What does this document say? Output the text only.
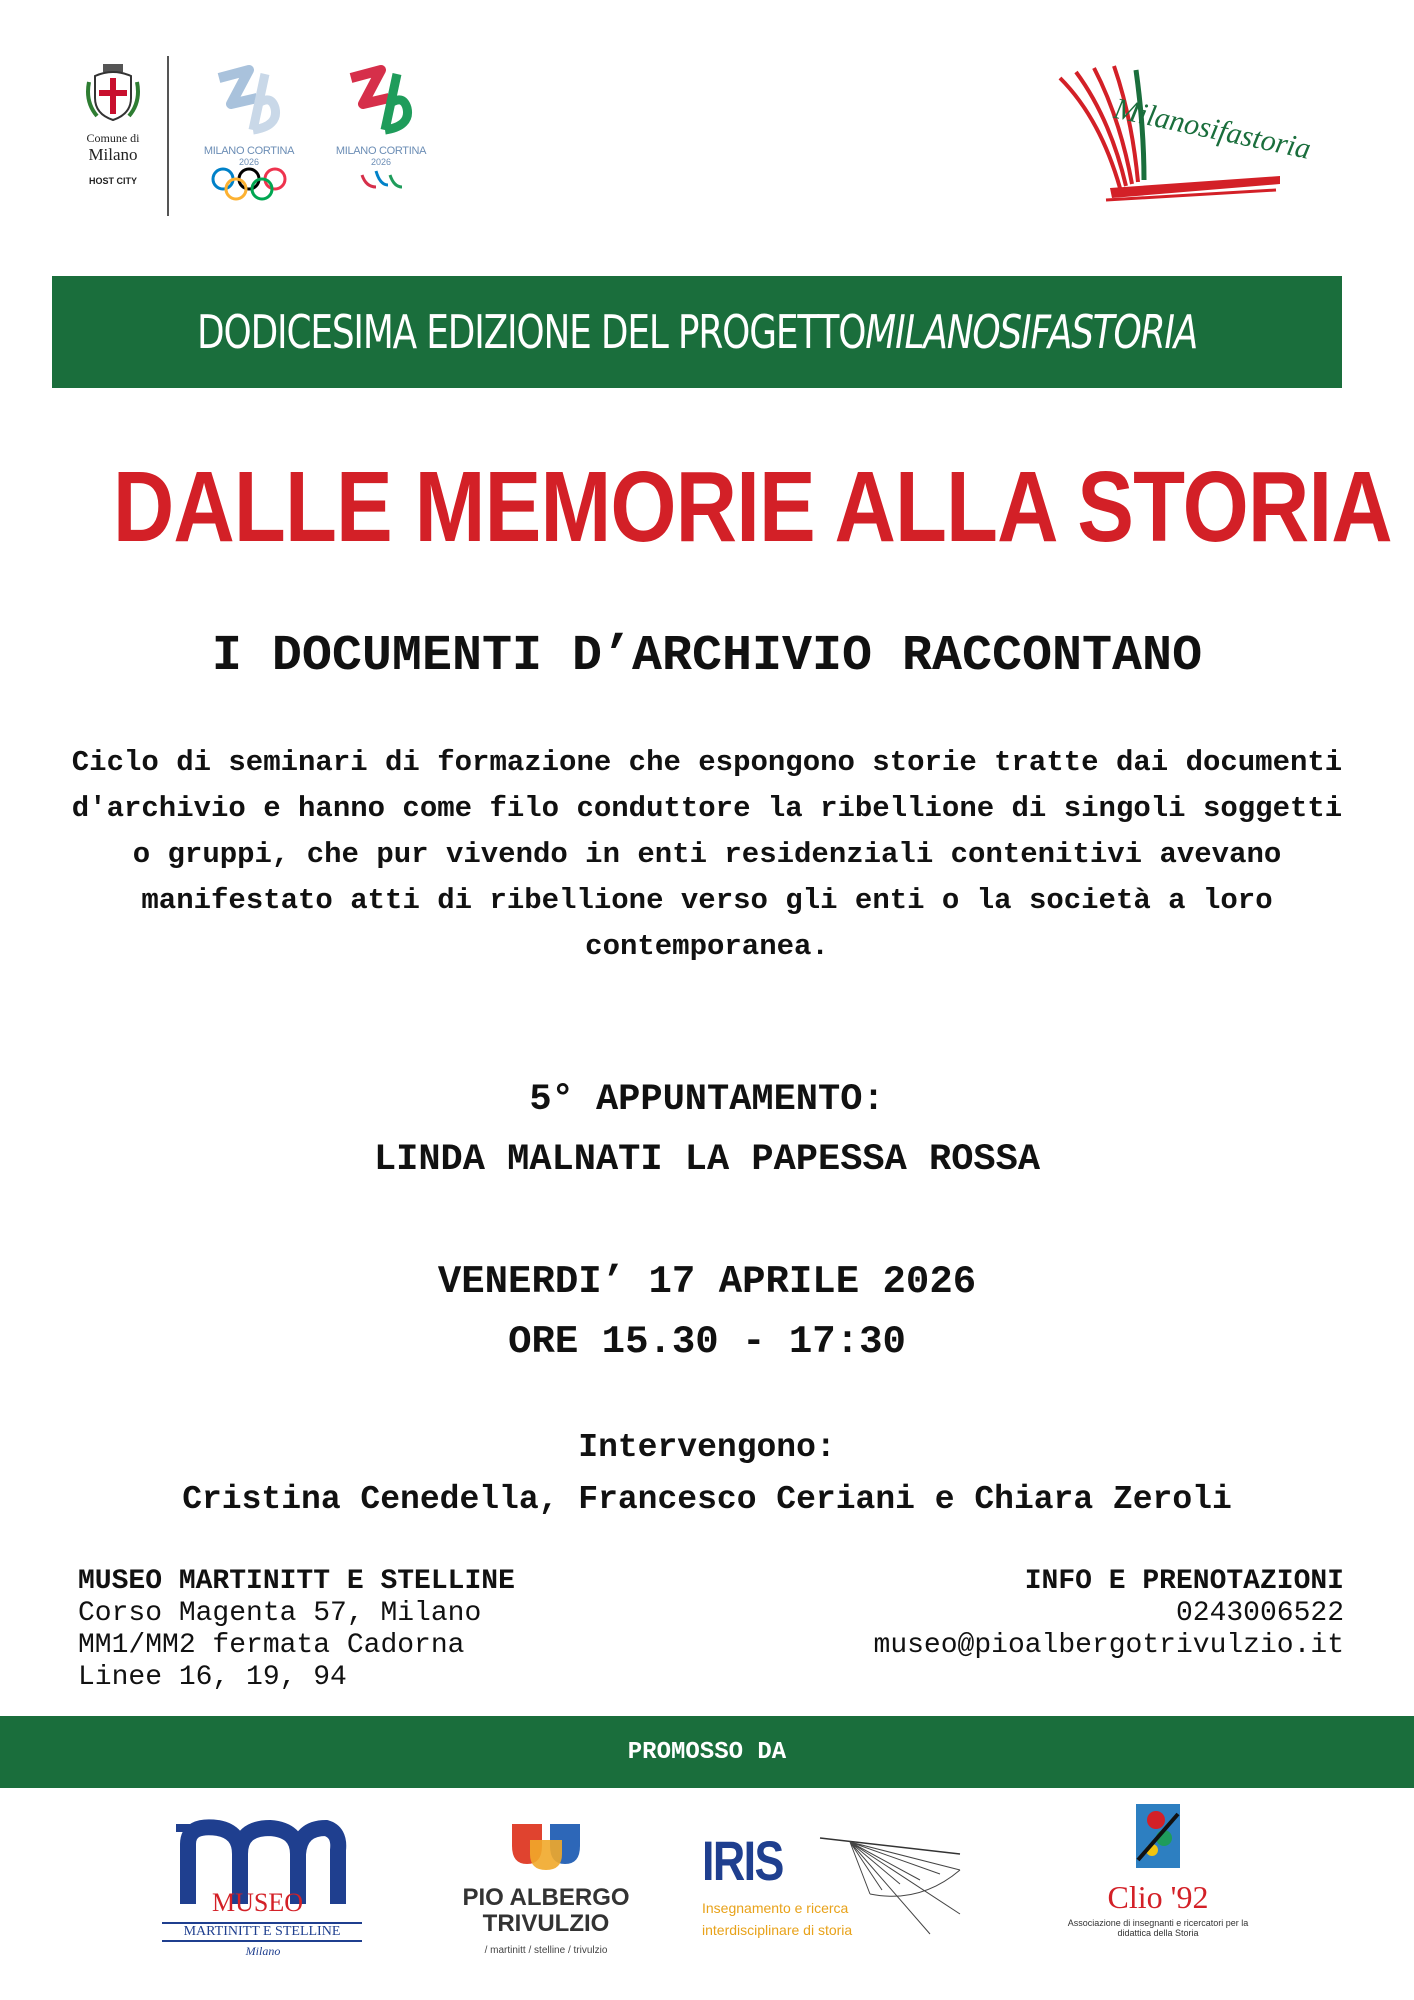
Comune di
Milano
HOST CITY
MILANO CORTINA
2026
MILANO CORTINA
2026	Milanosifastoria
DODICESIMA EDIZIONE DEL PROGETTOMILANOSIFASTORIA
DALLE MEMORIE ALLA STORIA
I DOCUMENTI D’ARCHIVIO RACCONTANO
Ciclo di seminari di formazione che espongono storie tratte dai documenti d'archivio e hanno come filo conduttore la ribellione di singoli soggetti o gruppi, che pur vivendo in enti residenziali contenitivi avevano manifestato atti di ribellione verso gli enti o la società a loro contemporanea.
5° APPUNTAMENTO:
LINDA MALNATI LA PAPESSA ROSSA
VENERDI’ 17 APRILE 2026
ORE 15.30 - 17:30
Intervengono:
Cristina Cenedella, Francesco Ceriani e Chiara Zeroli
MUSEO MARTINITT E STELLINE
Corso Magenta 57, Milano
MM1/MM2 fermata Cadorna
Linee 16, 19, 94
INFO E PRENOTAZIONI
0243006522
museo@pioalbergotrivulzio.it
PROMOSSO DA
MUSEO
MARTINITT E STELLINE
Milano
PIO ALBERGO
TRIVULZIO
/ martinitt / stelline / trivulzio
IRIS
Insegnamento e ricerca
interdisciplinare di storia
Clio '92
Associazione di insegnanti e ricercatori per la
didattica della Storia
